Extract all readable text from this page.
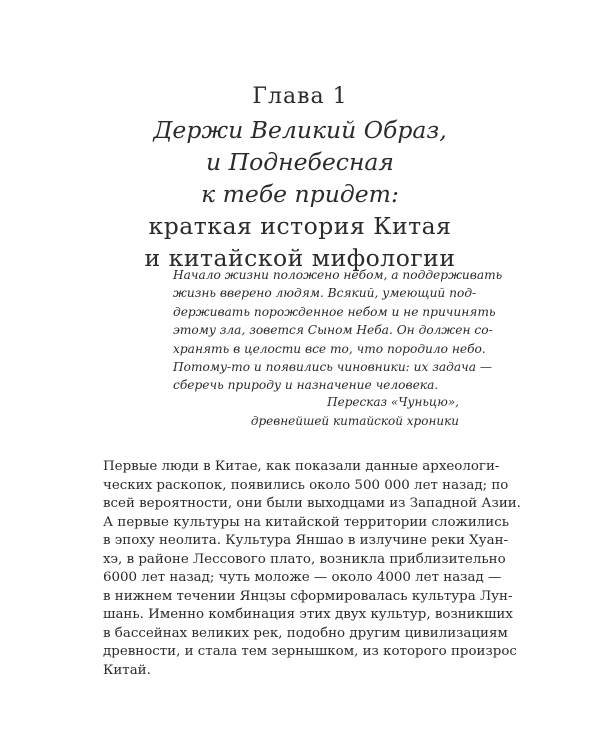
Глава 1
Держи Великий Образ,
и Поднебесная
к тебе придет:
краткая история Китая
и китайской мифологии
Начало жизни положено небом, а поддерживать
жизнь вверено людям. Всякий, умеющий под-
держивать порожденное небом и не причинять
этому зла, зовется Сыном Неба. Он должен со-
хранять в целости все то, что породило небо.
Потому-то и появились чиновники: их задача —
сберечь природу и назначение человека.
Пересказ «Чуньцю»,
древнейшей китайской хроники
Первые люди в Китае, как показали данные археологи-
ческих раскопок, появились около 500 000 лет назад; по
всей вероятности, они были выходцами из Западной Азии.
А первые культуры на китайской территории сложились
в эпоху неолита. Культура Яншао в излучине реки Хуан-
хэ, в районе Лессового плато, возникла приблизительно
6000 лет назад; чуть моложе — около 4000 лет назад —
в нижнем течении Янцзы сформировалась культура Лун-
шань. Именно комбинация этих двух культур, возникших
в бассейнах великих рек, подобно другим цивилизациям
древности, и стала тем зернышком, из которого произрос
Китай.
